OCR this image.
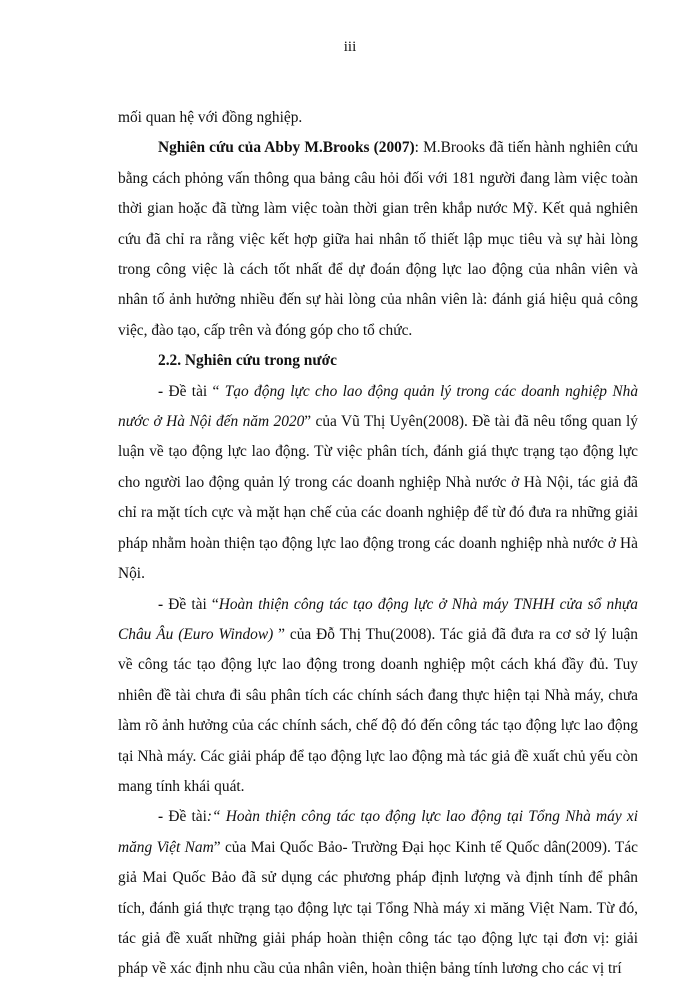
iii

mối quan hệ với đồng nghiệp.

Nghiên cứu của Abby M.Brooks (2007): M.Brooks đã tiến hành nghiên cứu bằng cách phỏng vấn thông qua bảng câu hỏi đối với 181 người đang làm việc toàn thời gian hoặc đã từng làm việc toàn thời gian trên khắp nước Mỹ. Kết quả nghiên cứu đã chỉ ra rằng việc kết hợp giữa hai nhân tố thiết lập mục tiêu và sự hài lòng trong công việc là cách tốt nhất để dự đoán động lực lao động của nhân viên và nhân tố ảnh hưởng nhiều đến sự hài lòng của nhân viên là: đánh giá hiệu quả công việc, đào tạo, cấp trên và đóng góp cho tổ chức.

2.2. Nghiên cứu trong nước

- Đề tài “ Tạo động lực cho lao động quản lý trong các doanh nghiệp Nhà nước ở Hà Nội đến năm 2020” của Vũ Thị Uyên(2008). Đề tài đã nêu tổng quan lý luận về tạo động lực lao động. Từ việc phân tích, đánh giá thực trạng tạo động lực cho người lao động quản lý trong các doanh nghiệp Nhà nước ở Hà Nội, tác giả đã chỉ ra mặt tích cực và mặt hạn chế của các doanh nghiệp để từ đó đưa ra những giải pháp nhằm hoàn thiện tạo động lực lao động trong các doanh nghiệp nhà nước ở Hà Nội.

- Đề tài “Hoàn thiện công tác tạo động lực ở Nhà máy TNHH cửa sổ nhựa Châu Âu (Euro Window) ” của Đỗ Thị Thu(2008). Tác giả đã đưa ra cơ sở lý luận về công tác tạo động lực lao động trong doanh nghiệp một cách khá đầy đủ. Tuy nhiên đề tài chưa đi sâu phân tích các chính sách đang thực hiện tại Nhà máy, chưa làm rõ ảnh hưởng của các chính sách, chế độ đó đến công tác tạo động lực lao động tại Nhà máy. Các giải pháp để tạo động lực lao động mà tác giả đề xuất chủ yếu còn mang tính khái quát.

- Đề tài:“ Hoàn thiện công tác tạo động lực lao động tại Tổng Nhà máy xi măng Việt Nam” của Mai Quốc Bảo- Trường Đại học Kinh tế Quốc dân(2009). Tác giả Mai Quốc Bảo đã sử dụng các phương pháp định lượng và định tính để phân tích, đánh giá thực trạng tạo động lực tại Tổng Nhà máy xi măng Việt Nam. Từ đó, tác giả đề xuất những giải pháp hoàn thiện công tác tạo động lực tại đơn vị: giải pháp về xác định nhu cầu của nhân viên, hoàn thiện bảng tính lương cho các vị trí
